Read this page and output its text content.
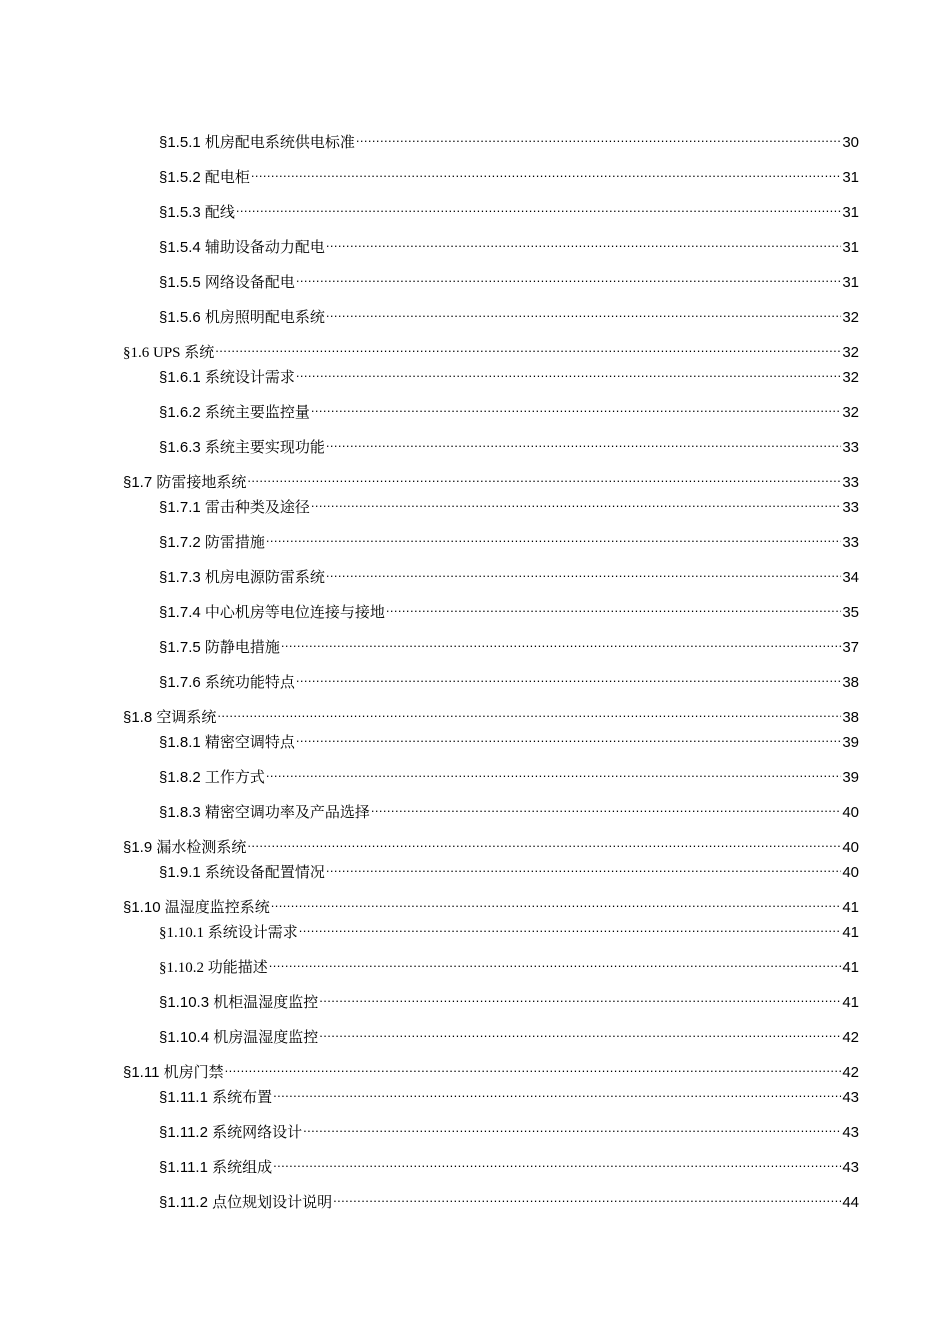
§1.5.1 机房配电系统供电标准 .....	30
§1.5.2 配电柜 .....	31
§1.5.3 配线 .....	31
§1.5.4 辅助设备动力配电 .....	31
§1.5.5 网络设备配电 .....	31
§1.5.6 机房照明配电系统 .....	32
§1.6 UPS 系统 .....	32
§1.6.1 系统设计需求 .....	32
§1.6.2 系统主要监控量 .....	32
§1.6.3 系统主要实现功能 .....	33
§1.7 防雷接地系统 .....	33
§1.7.1 雷击种类及途径 .....	33
§1.7.2 防雷措施 .....	33
§1.7.3 机房电源防雷系统 .....	34
§1.7.4 中心机房等电位连接与接地 .....	35
§1.7.5 防静电措施 .....	37
§1.7.6 系统功能特点 .....	38
§1.8 空调系统 .....	38
§1.8.1 精密空调特点 .....	39
§1.8.2 工作方式 .....	39
§1.8.3 精密空调功率及产品选择 .....	40
§1.9 漏水检测系统 .....	40
§1.9.1 系统设备配置情况 .....	40
§1.10 温湿度监控系统 .....	41
§1.10.1 系统设计需求 .....	41
§1.10.2 功能描述 .....	41
§1.10.3 机柜温湿度监控 .....	41
§1.10.4 机房温湿度监控 .....	42
§1.11 机房门禁 .....	42
§1.11.1 系统布置 .....	43
§1.11.2 系统网络设计 .....	43
§1.11.1 系统组成 .....	43
§1.11.2 点位规划设计说明 .....	44
